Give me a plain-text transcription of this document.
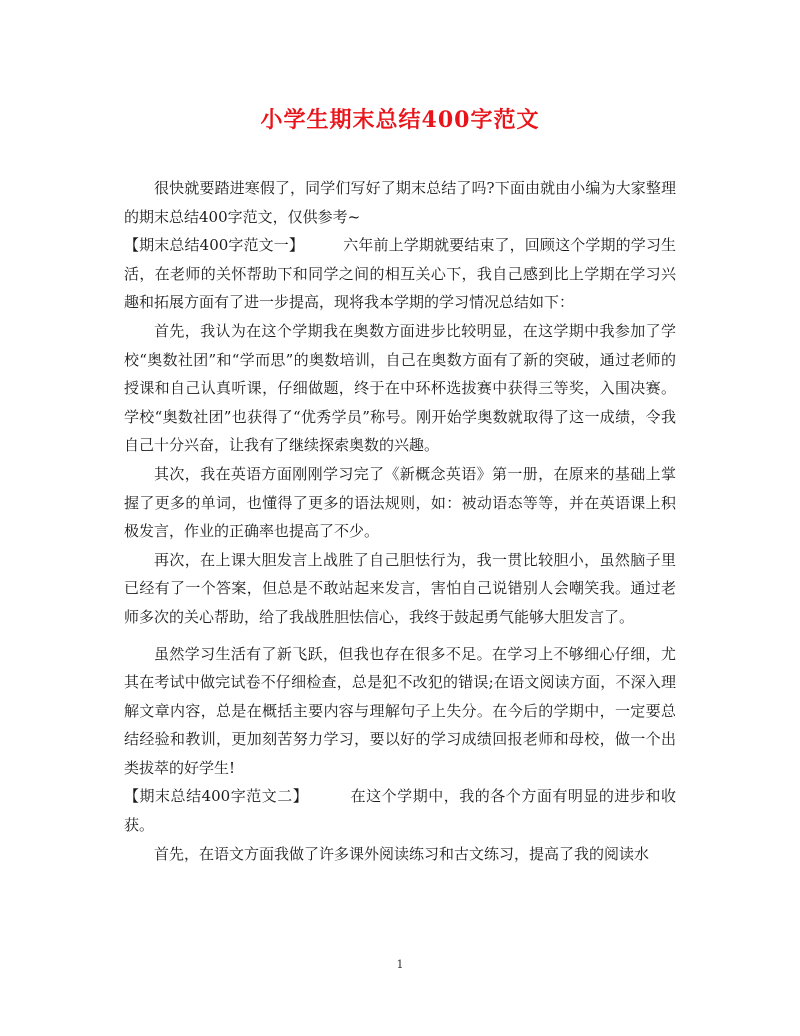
小学生期末总结400字范文

很快就要踏进寒假了，同学们写好了期末总结了吗?下面由就由小编为大家整理的期末总结400字范文，仅供参考~

【期末总结400字范文一】	六年前上学期就要结束了，回顾这个学期的学习生活，在老师的关怀帮助下和同学之间的相互关心下，我自己感到比上学期在学习兴趣和拓展方面有了进一步提高，现将我本学期的学习情况总结如下：

首先，我认为在这个学期我在奥数方面进步比较明显，在这学期中我参加了学校“奥数社团”和“学而思”的奥数培训，自己在奥数方面有了新的突破，通过老师的授课和自己认真听课，仔细做题，终于在中环杯选拔赛中获得三等奖，入围决赛。学校“奥数社团”也获得了“优秀学员”称号。刚开始学奥数就取得了这一成绩，令我自己十分兴奋，让我有了继续探索奥数的兴趣。

其次，我在英语方面刚刚学习完了《新概念英语》第一册，在原来的基础上掌握了更多的单词，也懂得了更多的语法规则，如：被动语态等等，并在英语课上积极发言，作业的正确率也提高了不少。

再次，在上课大胆发言上战胜了自己胆怯行为，我一贯比较胆小，虽然脑子里已经有了一个答案，但总是不敢站起来发言，害怕自己说错别人会嘲笑我。通过老师多次的关心帮助，给了我战胜胆怯信心，我终于鼓起勇气能够大胆发言了。

虽然学习生活有了新飞跃，但我也存在很多不足。在学习上不够细心仔细，尤其在考试中做完试卷不仔细检查，总是犯不改犯的错误;在语文阅读方面，不深入理解文章内容，总是在概括主要内容与理解句子上失分。在今后的学期中，一定要总结经验和教训，更加刻苦努力学习，要以好的学习成绩回报老师和母校，做一个出类拔萃的好学生!

【期末总结400字范文二】	在这个学期中，我的各个方面有明显的进步和收获。

首先，在语文方面我做了许多课外阅读练习和古文练习，提高了我的阅读水

1
